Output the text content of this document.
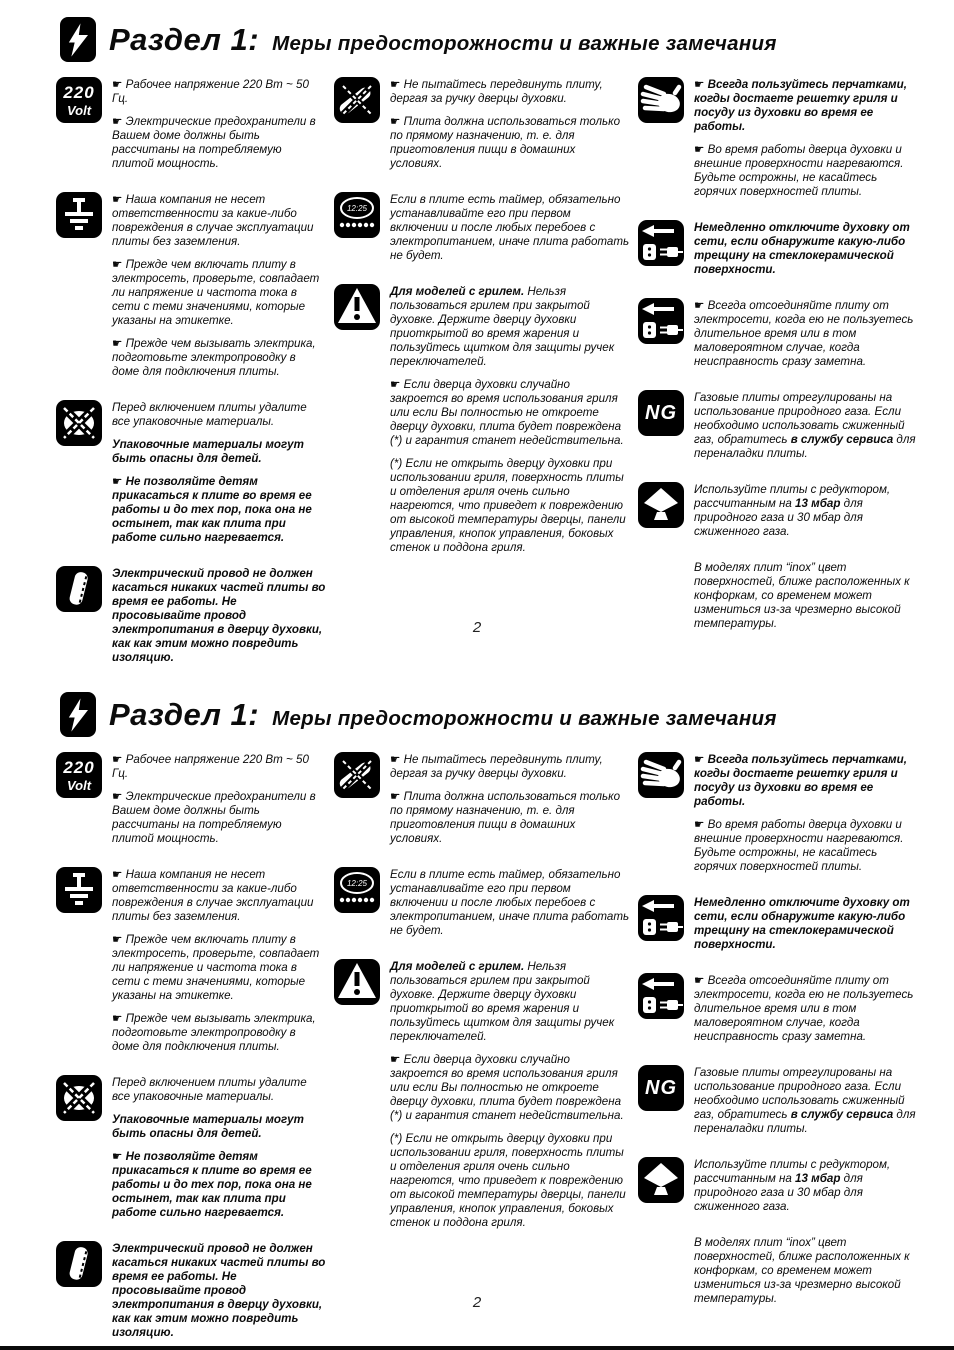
Раздел 1: Меры предосторожности и важные замечания
220
Volt

☛ Рабочее напряжение 220 Вт ~ 50 Гц.

☛ Электрические предохранители в Вашем доме должны быть рассчитаны на потребляемую плитой мощность.

☛ Наша компания не несет ответственности за какие-либо повреждения в случае эксплуатации плиты без заземления.

☛ Прежде чем включать плиту в электросеть, проверьте, совпадает ли напряжение и частота тока в сети с теми значениями, которые указаны на этикетке.

☛ Прежде чем вызывать электрика, подготовьте электропроводку в доме для подключения плиты.

Перед включением плиты удалите все упаковочные материалы.

Упаковочные материалы могут быть опасны для детей.

☛ Не позволяйте детям прикасаться к плите во время ее работы и до тех пор, пока она не остынет, так как плита при работе сильно нагревается.

Электрический провод не должен касаться никаких частей плиты во время ее работы. Не просовывайте провод электропитания в дверцу духовки, как как этим можно повредить изоляцию.

☛ Не пытайтесь передвинуть плиту, дергая за ручку дверцы духовки.

☛ Плита должна использоваться только по прямому назначению, т. е. для приготовления пищи в домашних условиях.

12:25

Если в плите есть таймер, обязательно устанавливайте его при первом включении и после любых перебоев с электропитанием, иначе плита работать не будет.

Для моделей с грилем. Нельзя пользоваться грилем при закрытой духовке. Держите дверцу духовки приоткрытой во время жарения и пользуйтесь щитком для защиты ручек переключателей.

☛ Если дверца духовки случайно закроется во время использования гриля или если Вы полностью не откроете дверцу духовки, плита будет повреждена (*) и гарантия станет недействительна.

(*) Если не открыть дверцу духовки при использовании гриля, поверхность плиты и отделения гриля очень сильно нагреются, что приведет к повреждению от высокой температуры дверцы, панели управления, кнопок управления, боковых стенок и поддона гриля.

☛ Всегда пользуйтесь перчатками, когды достаете решетку гриля и посуду из духовки во время ее работы.

☛ Во время работы дверца духовки и внешние проверхности нагреваются. Будьте острожны, не касайтесь горячих поверхностей плиты.

Немедленно отключите духовку от сети, если обнаружите какую-либо трещину на стеклокерамической поверхности.

☛ Всегда отсоединяйте плиту от электросети, когда ею не пользуетесь длительное время или в том маловероятном случае, когда неисправность сразу заметна.

NG

Газовые плиты отрегулированы на использование природного газа. Если необходимо использовать сжиженный газ, обратитесь в службу сервиса для переналадки плиты.

Используйте плиты с редуктором, рассчитанным на 13 мбар для природного газа и 30 мбар для сжиженного газа.

В моделях плит “inox” цвет поверхностей, ближе расположенных к конфоркам, со временем может измениться из-за чрезмерно высокой температуры.

2
Раздел 1: Меры предосторожности и важные замечания
220
Volt

☛ Рабочее напряжение 220 Вт ~ 50 Гц.

☛ Электрические предохранители в Вашем доме должны быть рассчитаны на потребляемую плитой мощность.

☛ Наша компания не несет ответственности за какие-либо повреждения в случае эксплуатации плиты без заземления.

☛ Прежде чем включать плиту в электросеть, проверьте, совпадает ли напряжение и частота тока в сети с теми значениями, которые указаны на этикетке.

☛ Прежде чем вызывать электрика, подготовьте электропроводку в доме для подключения плиты.

Перед включением плиты удалите все упаковочные материалы.

Упаковочные материалы могут быть опасны для детей.

☛ Не позволяйте детям прикасаться к плите во время ее работы и до тех пор, пока она не остынет, так как плита при работе сильно нагревается.

Электрический провод не должен касаться никаких частей плиты во время ее работы. Не просовывайте провод электропитания в дверцу духовки, как как этим можно повредить изоляцию.

☛ Не пытайтесь передвинуть плиту, дергая за ручку дверцы духовки.

☛ Плита должна использоваться только по прямому назначению, т. е. для приготовления пищи в домашних условиях.

12:25

Если в плите есть таймер, обязательно устанавливайте его при первом включении и после любых перебоев с электропитанием, иначе плита работать не будет.

Для моделей с грилем. Нельзя пользоваться грилем при закрытой духовке. Держите дверцу духовки приоткрытой во время жарения и пользуйтесь щитком для защиты ручек переключателей.

☛ Если дверца духовки случайно закроется во время использования гриля или если Вы полностью не откроете дверцу духовки, плита будет повреждена (*) и гарантия станет недействительна.

(*) Если не открыть дверцу духовки при использовании гриля, поверхность плиты и отделения гриля очень сильно нагреются, что приведет к повреждению от высокой температуры дверцы, панели управления, кнопок управления, боковых стенок и поддона гриля.

☛ Всегда пользуйтесь перчатками, когды достаете решетку гриля и посуду из духовки во время ее работы.

☛ Во время работы дверца духовки и внешние проверхности нагреваются. Будьте острожны, не касайтесь горячих поверхностей плиты.

Немедленно отключите духовку от сети, если обнаружите какую-либо трещину на стеклокерамической поверхности.

☛ Всегда отсоединяйте плиту от электросети, когда ею не пользуетесь длительное время или в том маловероятном случае, когда неисправность сразу заметна.

NG

Газовые плиты отрегулированы на использование природного газа. Если необходимо использовать сжиженный газ, обратитесь в службу сервиса для переналадки плиты.

Используйте плиты с редуктором, рассчитанным на 13 мбар для природного газа и 30 мбар для сжиженного газа.

В моделях плит “inox” цвет поверхностей, ближе расположенных к конфоркам, со временем может измениться из-за чрезмерно высокой температуры.

2
